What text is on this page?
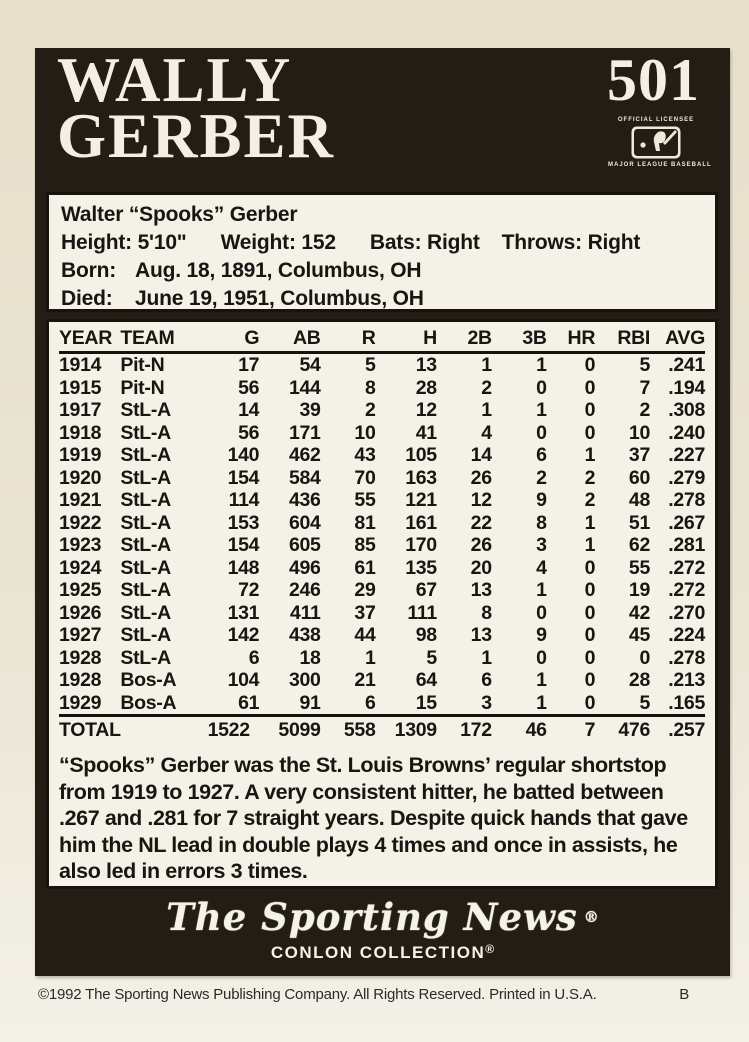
WALLY
GERBER
501
OFFICIAL LICENSEE
MAJOR LEAGUE BASEBALL
Walter “Spooks” Gerber
Height: 5'10" Weight: 152 Bats: Right Throws: Right
Born: Aug. 18, 1891, Columbus, OH
Died: June 19, 1951, Columbus, OH
YEAR	TEAM	G	AB	R	H	2B	3B	HR	RBI	AVG
1914	Pit-N	17	54	5	13	1	1	0	5	.241
1915	Pit-N	56	144	8	28	2	0	0	7	.194
1917	StL-A	14	39	2	12	1	1	0	2	.308
1918	StL-A	56	171	10	41	4	0	0	10	.240
1919	StL-A	140	462	43	105	14	6	1	37	.227
1920	StL-A	154	584	70	163	26	2	2	60	.279
1921	StL-A	114	436	55	121	12	9	2	48	.278
1922	StL-A	153	604	81	161	22	8	1	51	.267
1923	StL-A	154	605	85	170	26	3	1	62	.281
1924	StL-A	148	496	61	135	20	4	0	55	.272
1925	StL-A	72	246	29	67	13	1	0	19	.272
1926	StL-A	131	411	37	111	8	0	0	42	.270
1927	StL-A	142	438	44	98	13	9	0	45	.224
1928	StL-A	6	18	1	5	1	0	0	0	.278
1928	Bos-A	104	300	21	64	6	1	0	28	.213
1929	Bos-A	61	91	6	15	3	1	0	5	.165
TOTAL		1522	5099	558	1309	172	46	7	476	.257

“Spooks” Gerber was the St. Louis Browns’ regular shortstop from 1919 to 1927. A very consistent hitter, he batted between .267 and .281 for 7 straight years. Despite quick hands that gave him the NL lead in double plays 4 times and once in assists, he also led in errors 3 times.

The Sporting News ®
CONLON COLLECTION®
©1992 The Sporting News Publishing Company. All Rights Reserved. Printed in U.S.A.	B
